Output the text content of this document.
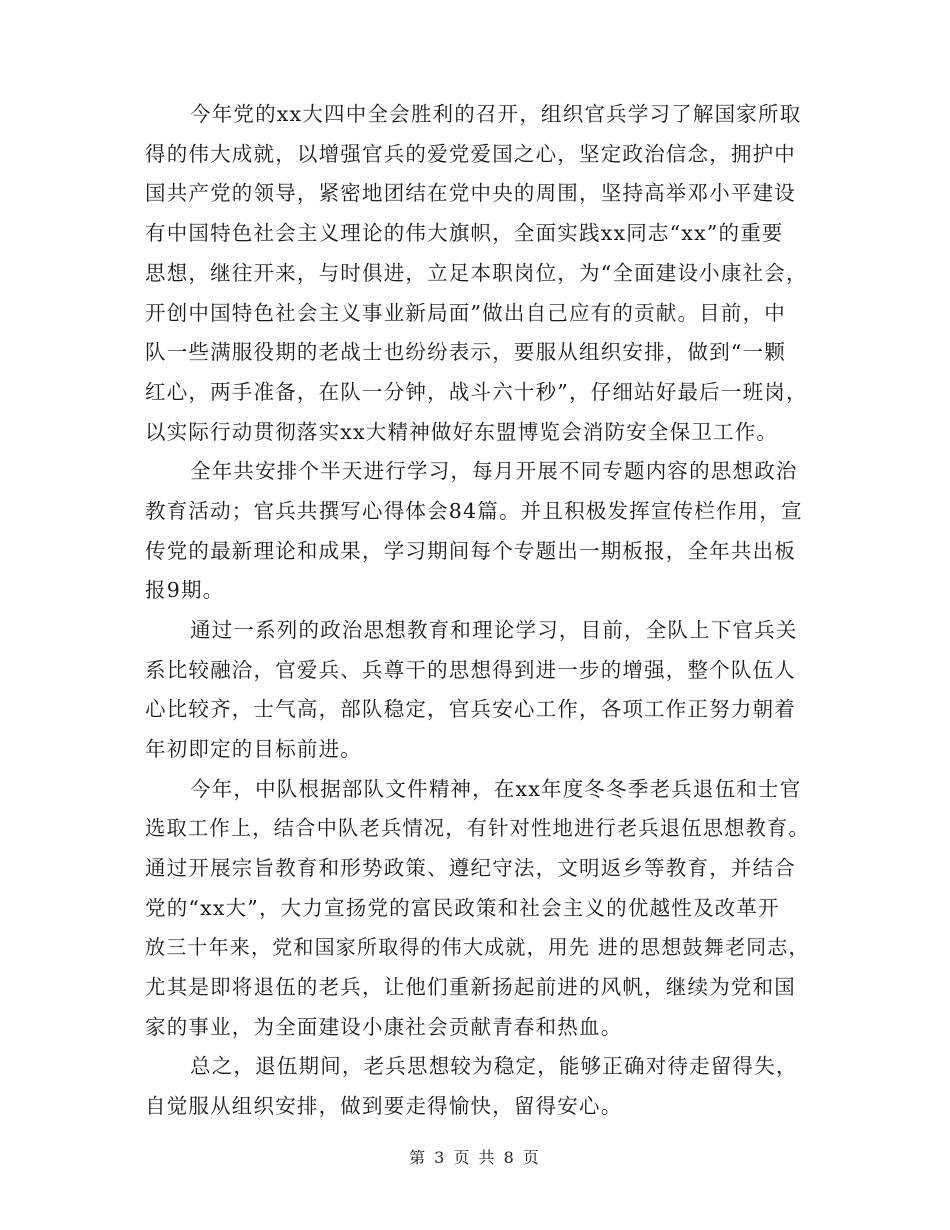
今年党的xx大四中全会胜利的召开，组织官兵学习了解国家所取
得的伟大成就，以增强官兵的爱党爱国之心，坚定政治信念，拥护中
国共产党的领导，紧密地团结在党中央的周围，坚持高举邓小平建设
有中国特色社会主义理论的伟大旗帜，全面实践xx同志“xx”的重要
思想，继往开来，与时俱进，立足本职岗位，为“全面建设小康社会，
开创中国特色社会主义事业新局面”做出自己应有的贡献。目前，中
队一些满服役期的老战士也纷纷表示，要服从组织安排，做到“一颗
红心，两手准备，在队一分钟，战斗六十秒”，仔细站好最后一班岗，
以实际行动贯彻落实xx大精神做好东盟博览会消防安全保卫工作。
全年共安排个半天进行学习，每月开展不同专题内容的思想政治
教育活动；官兵共撰写心得体会84篇。并且积极发挥宣传栏作用，宣
传党的最新理论和成果，学习期间每个专题出一期板报，全年共出板
报9期。
通过一系列的政治思想教育和理论学习，目前，全队上下官兵关
系比较融洽，官爱兵、兵尊干的思想得到进一步的增强，整个队伍人
心比较齐，士气高，部队稳定，官兵安心工作，各项工作正努力朝着
年初即定的目标前进。
今年，中队根据部队文件精神，在xx年度冬冬季老兵退伍和士官
选取工作上，结合中队老兵情况，有针对性地进行老兵退伍思想教育。
通过开展宗旨教育和形势政策、遵纪守法，文明返乡等教育，并结合
党的“xx大”，大力宣扬党的富民政策和社会主义的优越性及改革开
放三十年来，党和国家所取得的伟大成就，用先 进的思想鼓舞老同志，
尤其是即将退伍的老兵，让他们重新扬起前进的风帆，继续为党和国
家的事业，为全面建设小康社会贡献青春和热血。
总之，退伍期间，老兵思想较为稳定，能够正确对待走留得失，
自觉服从组织安排，做到要走得愉快，留得安心。
第 3 页 共 8 页
